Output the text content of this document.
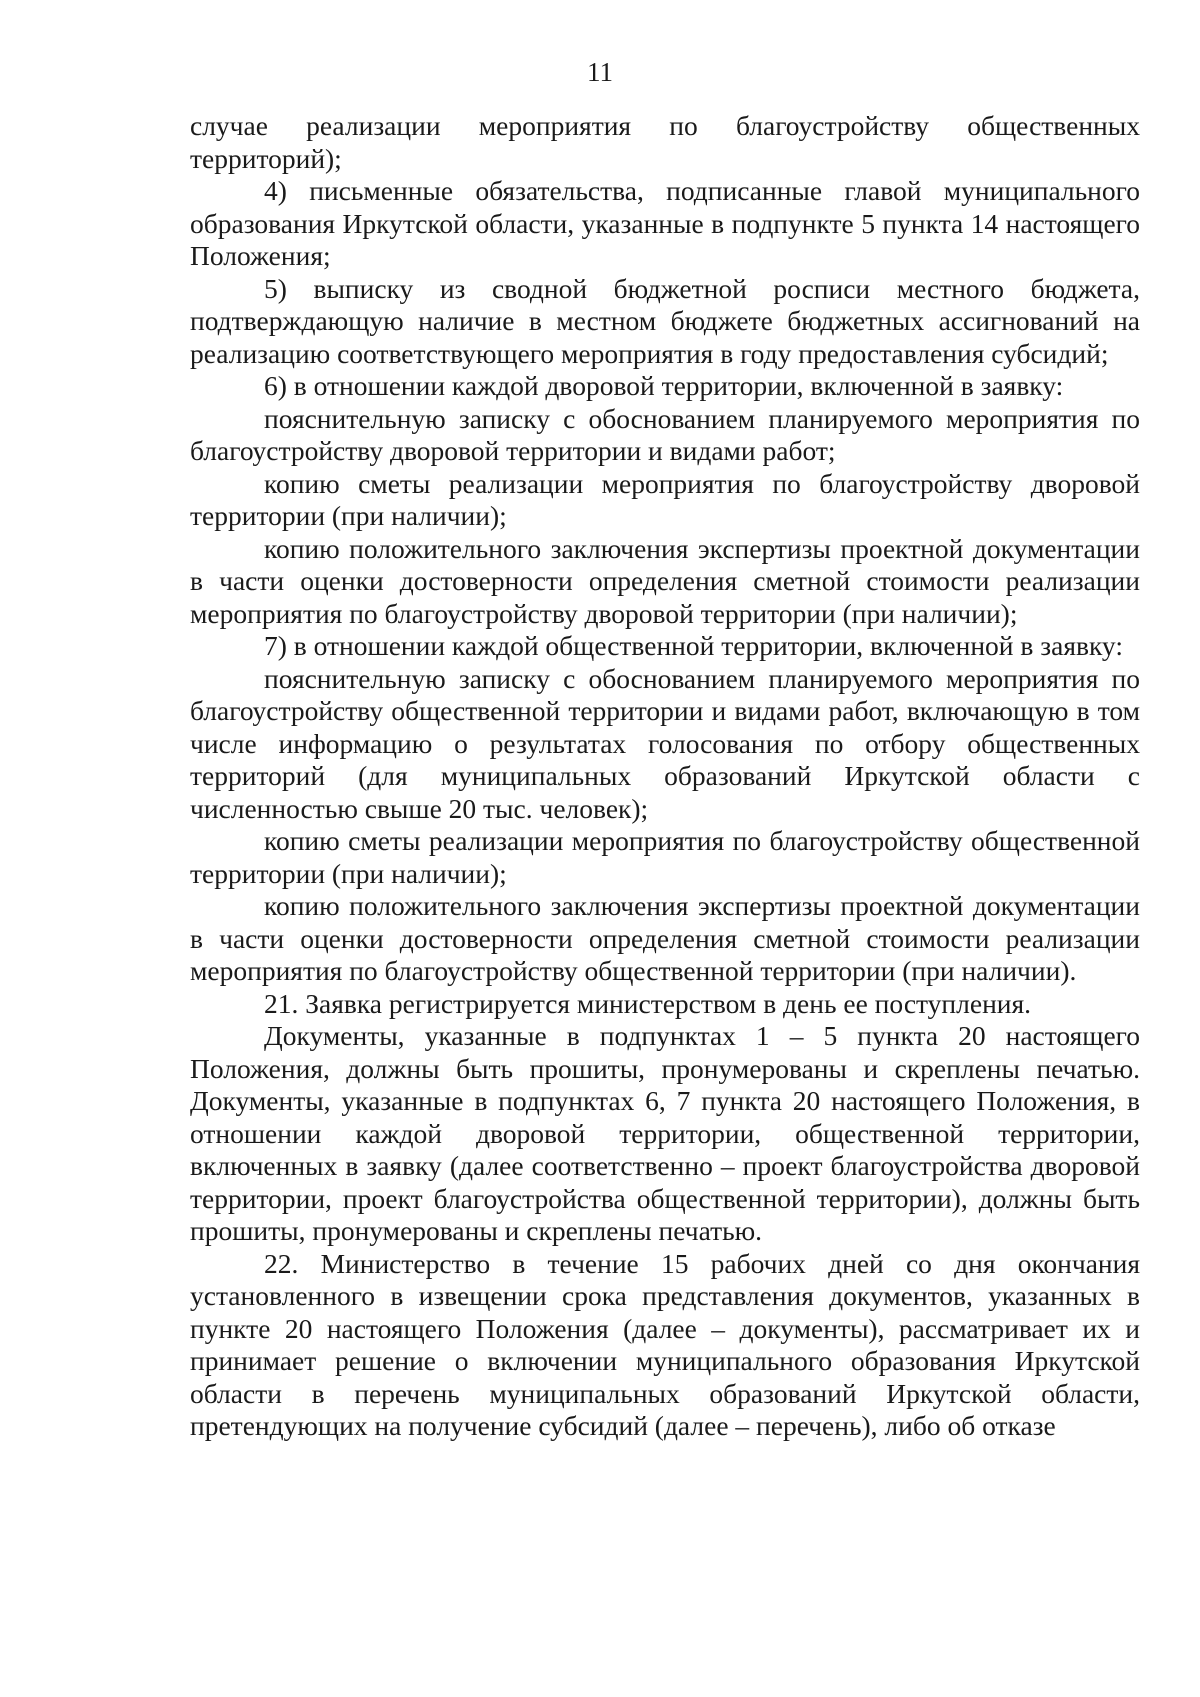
11

случае реализации мероприятия по благоустройству общественных территорий);

4) письменные обязательства, подписанные главой муниципального образования Иркутской области, указанные в подпункте 5 пункта 14 настоящего Положения;

5) выписку из сводной бюджетной росписи местного бюджета, подтверждающую наличие в местном бюджете бюджетных ассигнований на реализацию соответствующего мероприятия в году предоставления субсидий;

6) в отношении каждой дворовой территории, включенной в заявку:

пояснительную записку с обоснованием планируемого мероприятия по благоустройству дворовой территории и видами работ;

копию сметы реализации мероприятия по благоустройству дворовой территории (при наличии);

копию положительного заключения экспертизы проектной документации в части оценки достоверности определения сметной стоимости реализации мероприятия по благоустройству дворовой территории (при наличии);

7) в отношении каждой общественной территории, включенной в заявку:

пояснительную записку с обоснованием планируемого мероприятия по благоустройству общественной территории и видами работ, включающую в том числе информацию о результатах голосования по отбору общественных территорий (для муниципальных образований Иркутской области с численностью свыше 20 тыс. человек);

копию сметы реализации мероприятия по благоустройству общественной территории (при наличии);

копию положительного заключения экспертизы проектной документации в части оценки достоверности определения сметной стоимости реализации мероприятия по благоустройству общественной территории (при наличии).

21. Заявка регистрируется министерством в день ее поступления.

Документы, указанные в подпунктах 1 – 5 пункта 20 настоящего Положения, должны быть прошиты, пронумерованы и скреплены печатью. Документы, указанные в подпунктах 6, 7 пункта 20 настоящего Положения, в отношении каждой дворовой территории, общественной территории, включенных в заявку (далее соответственно – проект благоустройства дворовой территории, проект благоустройства общественной территории), должны быть прошиты, пронумерованы и скреплены печатью.

22. Министерство в течение 15 рабочих дней со дня окончания установленного в извещении срока представления документов, указанных в пункте 20 настоящего Положения (далее – документы), рассматривает их и принимает решение о включении муниципального образования Иркутской области в перечень муниципальных образований Иркутской области, претендующих на получение субсидий (далее – перечень), либо об отказе
